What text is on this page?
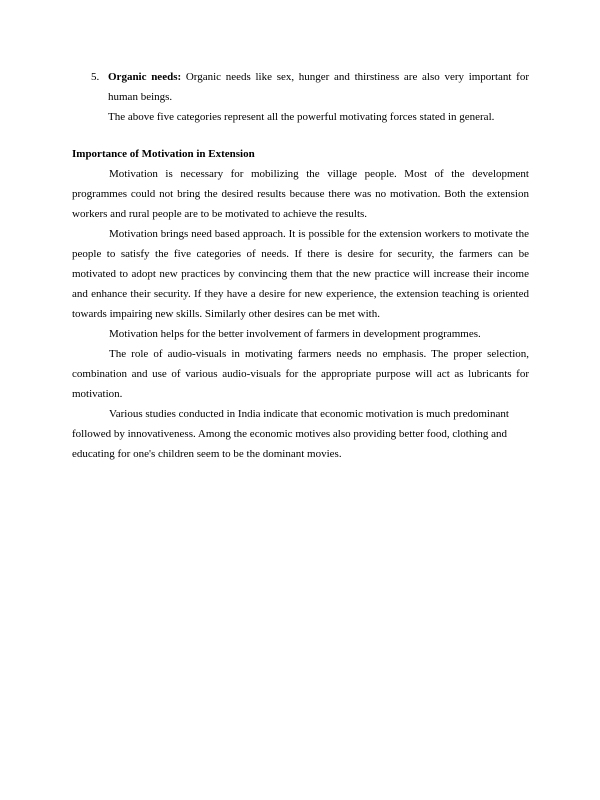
5. Organic needs: Organic needs like sex, hunger and thirstiness are also very important for human beings.

The above five categories represent all the powerful motivating forces stated in general.

Importance of Motivation in Extension

Motivation is necessary for mobilizing the village people. Most of the development programmes could not bring the desired results because there was no motivation. Both the extension workers and rural people are to be motivated to achieve the results.

Motivation brings need based approach. It is possible for the extension workers to motivate the people to satisfy the five categories of needs. If there is desire for security, the farmers can be motivated to adopt new practices by convincing them that the new practice will increase their income and enhance their security. If they have a desire for new experience, the extension teaching is oriented towards impairing new skills. Similarly other desires can be met with.

Motivation helps for the better involvement of farmers in development programmes.

The role of audio-visuals in motivating farmers needs no emphasis. The proper selection, combination and use of various audio-visuals for the appropriate purpose will act as lubricants for motivation.

Various studies conducted in India indicate that economic motivation is much predominant followed by innovativeness. Among the economic motives also providing better food, clothing and educating for one's children seem to be the dominant movies.
